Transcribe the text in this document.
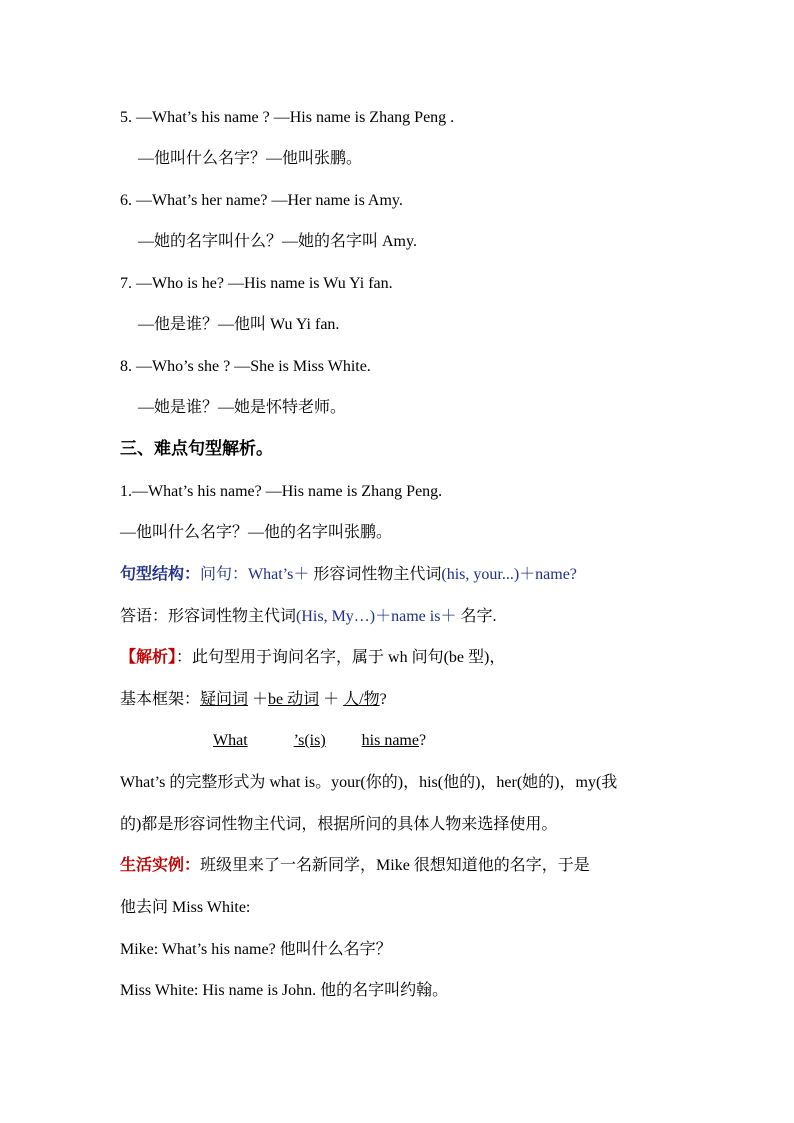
5. —What’s his name ? —His name is Zhang Peng .
—他叫什么名字？—他叫张鹏。
6. —What’s her name? —Her name is Amy.
—她的名字叫什么？—她的名字叫 Amy.
7. —Who is he? —His name is Wu Yi fan.
—他是谁？—他叫 Wu Yi fan.
8. —Who’s she ? —She is Miss White.
—她是谁？—她是怀特老师。
三、难点句型解析。
1.—What’s his name? —His name is Zhang Peng.
—他叫什么名字？—他的名字叫张鹏。
句型结构：问句：What’s＋ 形容词性物主代词(his, your...)＋name?
答语：形容词性物主代词(His, My…)＋name is＋ 名字.
【解析】：此句型用于询问名字，属于 wh 问句(be 型)，
基本框架：疑问词 ＋be 动词 ＋ 人/物?
What	’s(is) his name?
What’s 的完整形式为 what is。your(你的)，his(他的)，her(她的)，my(我
的)都是形容词性物主代词，根据所问的具体人物来选择使用。
生活实例：班级里来了一名新同学，Mike 很想知道他的名字，于是
他去问 Miss White:
Mike: What’s his name? 他叫什么名字？
Miss White: His name is John. 他的名字叫约翰。
